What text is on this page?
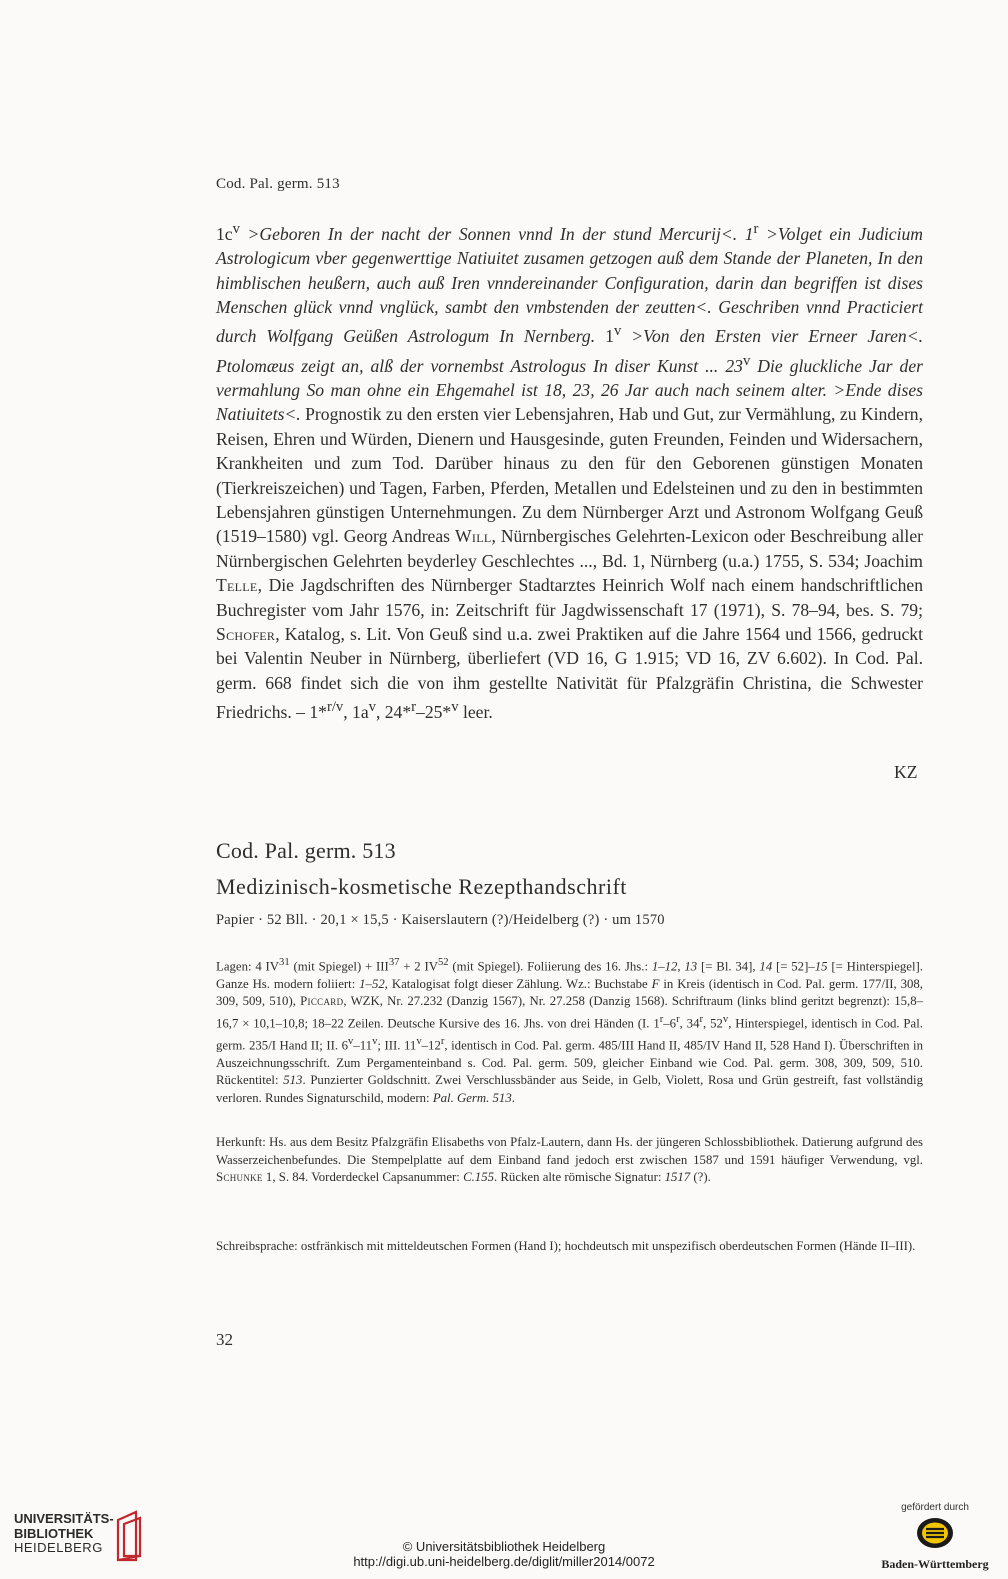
Cod. Pal. germ. 513
$1c^v$ >Geboren In der nacht der Sonnen vnnd In der stund Mercurij<. $1^r$ >Volget ein Judicium Astrologicum vber gegenwerttige Natiuitet zusamen getzogen auß dem Stande der Planeten, In den himblischen heußern, auch auß Iren vnndereinander Configuration, darin dan begriffen ist dises Menschen glück vnnd vnglück, sambt den vmbstenden der zeutten<. Geschriben vnnd Practiciert durch Wolfgang Geüßen Astrologum In Nernberg. $1^v >Von$ den Ersten vier Erneer Jaren<. Ptolomæus zeigt an, alß der vornembst Astrologus In diser Kunst ... 23$^v$ Die gluckliche Jar der vermahlung So man ohne ein Ehgemahel ist 18, 23, 26 Jar auch nach seinem alter. >Ende dises Natiuitets<. Prognostik zu den ersten vier Lebensjahren, Hab und Gut, zur Vermählung, zu Kindern, Reisen, Ehren und Würden, Dienern und Hausgesinde, guten Freunden, Feinden und Widersachern, Krankheiten und zum Tod. Darüber hinaus zu den für den Geborenen günstigen Monaten (Tierkreiszeichen) und Tagen, Farben, Pferden, Metallen und Edelsteinen und zu den in bestimmten Lebensjahren günstigen Unternehmungen. Zu dem Nürnberger Arzt und Astronom Wolfgang Geuß (1519–1580) vgl. Georg Andreas Will, Nürnbergisches Gelehrten-Lexicon oder Beschreibung aller Nürnbergischen Gelehrten beyderley Geschlechtes ..., Bd. 1, Nürnberg (u.a.) 1755, S. 534; Joachim Telle, Die Jagdschriften des Nürnberger Stadtarztes Heinrich Wolf nach einem handschriftlichen Buchregister vom Jahr 1576, in: Zeitschrift für Jagdwissenschaft 17 (1971), S. 78–94, bes. S. 79; Schofer, Katalog, s. Lit. Von Geuß sind u.a. zwei Praktiken auf die Jahre 1564 und 1566, gedruckt bei Valentin Neuber in Nürnberg, überliefert (VD 16, G 1.915; VD 16, ZV 6.602). In Cod. Pal. germ. 668 findet sich die von ihm gestellte Nativität für Pfalzgräfin Christina, die Schwester Friedrichs. – 1*$^{r/v}$, $1a^v$, 24*$^r$–25*$^v$ leer.
KZ
Cod. Pal. germ. 513
Medizinisch-kosmetische Rezepthandschrift
Papier · 52 Bll. · 20,1 × 15,5 · Kaiserslautern (?)/Heidelberg (?) · um 1570
Lagen: 4 IV$^{31}$ (mit Spiegel) + $III^{37} + 2$ IV$^{52}$ (mit Spiegel). Foliierung des 16. Jhs.: 1–12, 13 [= Bl. 34], 14 [= 52]–15 [= Hinterspiegel]. Ganze Hs. modern foliiert: 1–52, Katalogisat folgt dieser Zählung. Wz.: Buchstabe F in Kreis (identisch in Cod. Pal. germ. 177/II, 308, 309, 509, 510), Piccard, WZK, Nr. 27.232 (Danzig 1567), Nr. 27.258 (Danzig 1568). Schriftraum (links blind geritzt begrenzt): 15,8–16,7 × 10,1–10,8; 18–22 Zeilen. Deutsche Kursive des 16. Jhs. von drei Händen (I. 1$^r$–6$^r$, 34$^r$, 52$^v$, Hinterspiegel, identisch in Cod. Pal. germ. 235/I Hand II; II. 6$^v$–11$^v$; III. 11$^v$–12$^r$, identisch in Cod. Pal. germ. 485/III Hand II, 485/IV Hand II, 528 Hand I). Überschriften in Auszeichnungsschrift. Zum Pergamenteinband s. Cod. Pal. germ. 509, gleicher Einband wie Cod. Pal. germ. 308, 309, 509, 510. Rückentitel: 513. Punzierter Goldschnitt. Zwei Verschlussbänder aus Seide, in Gelb, Violett, Rosa und Grün gestreift, fast vollständig verloren. Rundes Signaturschild, modern: Pal. Germ. 513.
Herkunft: Hs. aus dem Besitz Pfalzgräfin Elisabeths von Pfalz-Lautern, dann Hs. der jüngeren Schlossbibliothek. Datierung aufgrund des Wasserzeichenbefundes. Die Stempelplatte auf dem Einband fand jedoch erst zwischen 1587 und 1591 häufiger Verwendung, vgl. Schunke 1, S. 84. Vorderdeckel Capsanummer: C.155. Rücken alte römische Signatur: 1517 (?).
Schreibsprache: ostfränkisch mit mitteldeutschen Formen (Hand I); hochdeutsch mit unspezifisch oberdeutschen Formen (Hände II–III).
32
UNIVERSITÄTS-
BIBLIOTHEK
HEIDELBERG	© Universitätsbibliothek Heidelberg
http://digi.ub.uni-heidelberg.de/diglit/miller2014/0072
gefördert durch
Baden-Württemberg
